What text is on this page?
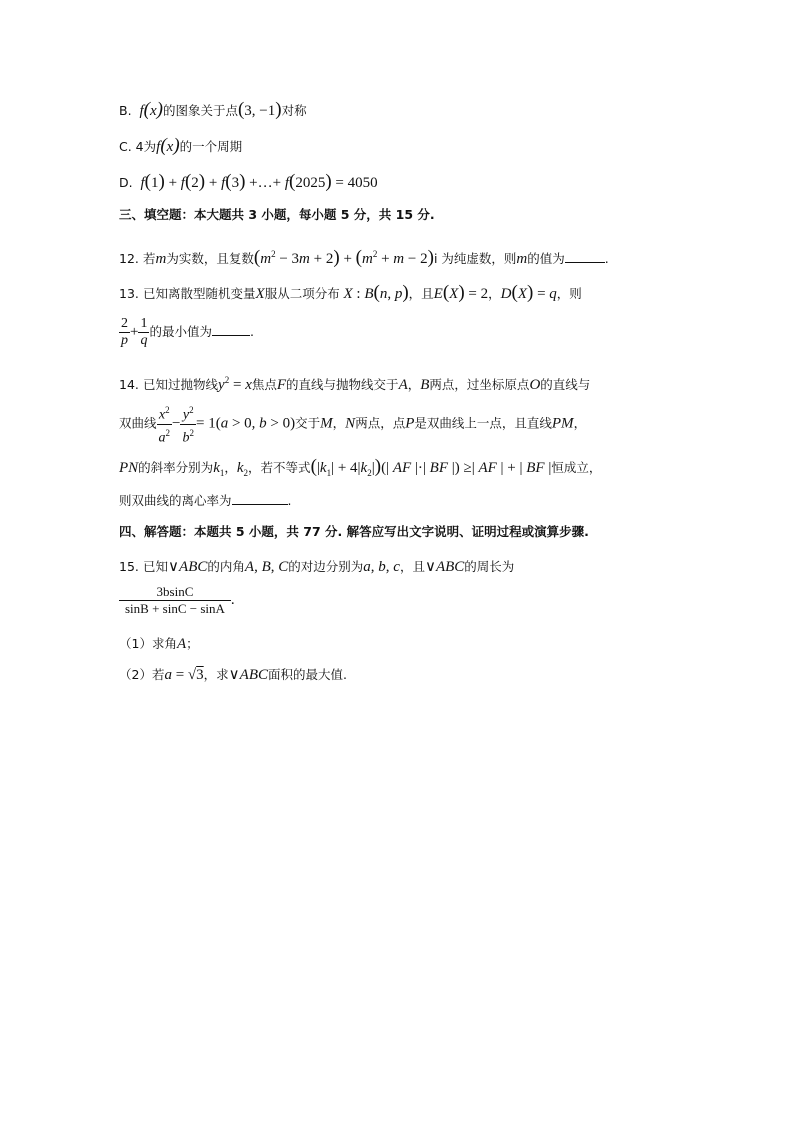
B.  f(x)的图象关于点(3, −1)对称
C. 4为f(x)的一个周期
D. f(1) + f(2) + f(3) +…+ f(2025) = 4050
三、填空题：本大题共 3 小题，每小题 5 分，共 15 分.
12. 若m为实数，且复数$(m^2 - 3m + 2) + (m^2 + m - 2)i$ 为纯虚数，则m的值为	.
13. 已知离散型随机变量X服从二项分布 X : B(n, p)，且E(X) = 2，D(X) = q，则
$\frac{2}{p} + \frac{1}{q}$ 的最小值为	.
14. 已知过抛物线$y^2 = x$焦点F的直线与抛物线交于A，B两点，过坐标原点O的直线与
双曲线 $\frac{x^2}{a^2} - \frac{y^2}{b^2} = 1(a > 0$, b > 0)交于M，N两点，点P是双曲线上一点，且直线PM，
PN的斜率分别为$k_1$，$k_2$，若不等式$(|k_1| + 4|k_2|)(|$ AF |·| BF |) ≥| AF | + | BF |恒成立，
则双曲线的离心率为	.
四、解答题：本题共 5 小题，共 77 分. 解答应写出文字说明、证明过程或演算步骤.
15. 已知∨ABC的内角A, B, C的对边分别为a, b, c，且∨ABC的周长为
$\frac{3bsinC}{\sin B + \sin C - \sin A}$ .
（1）求角A；
（2）若a = √3，求∨ABC面积的最大值.
